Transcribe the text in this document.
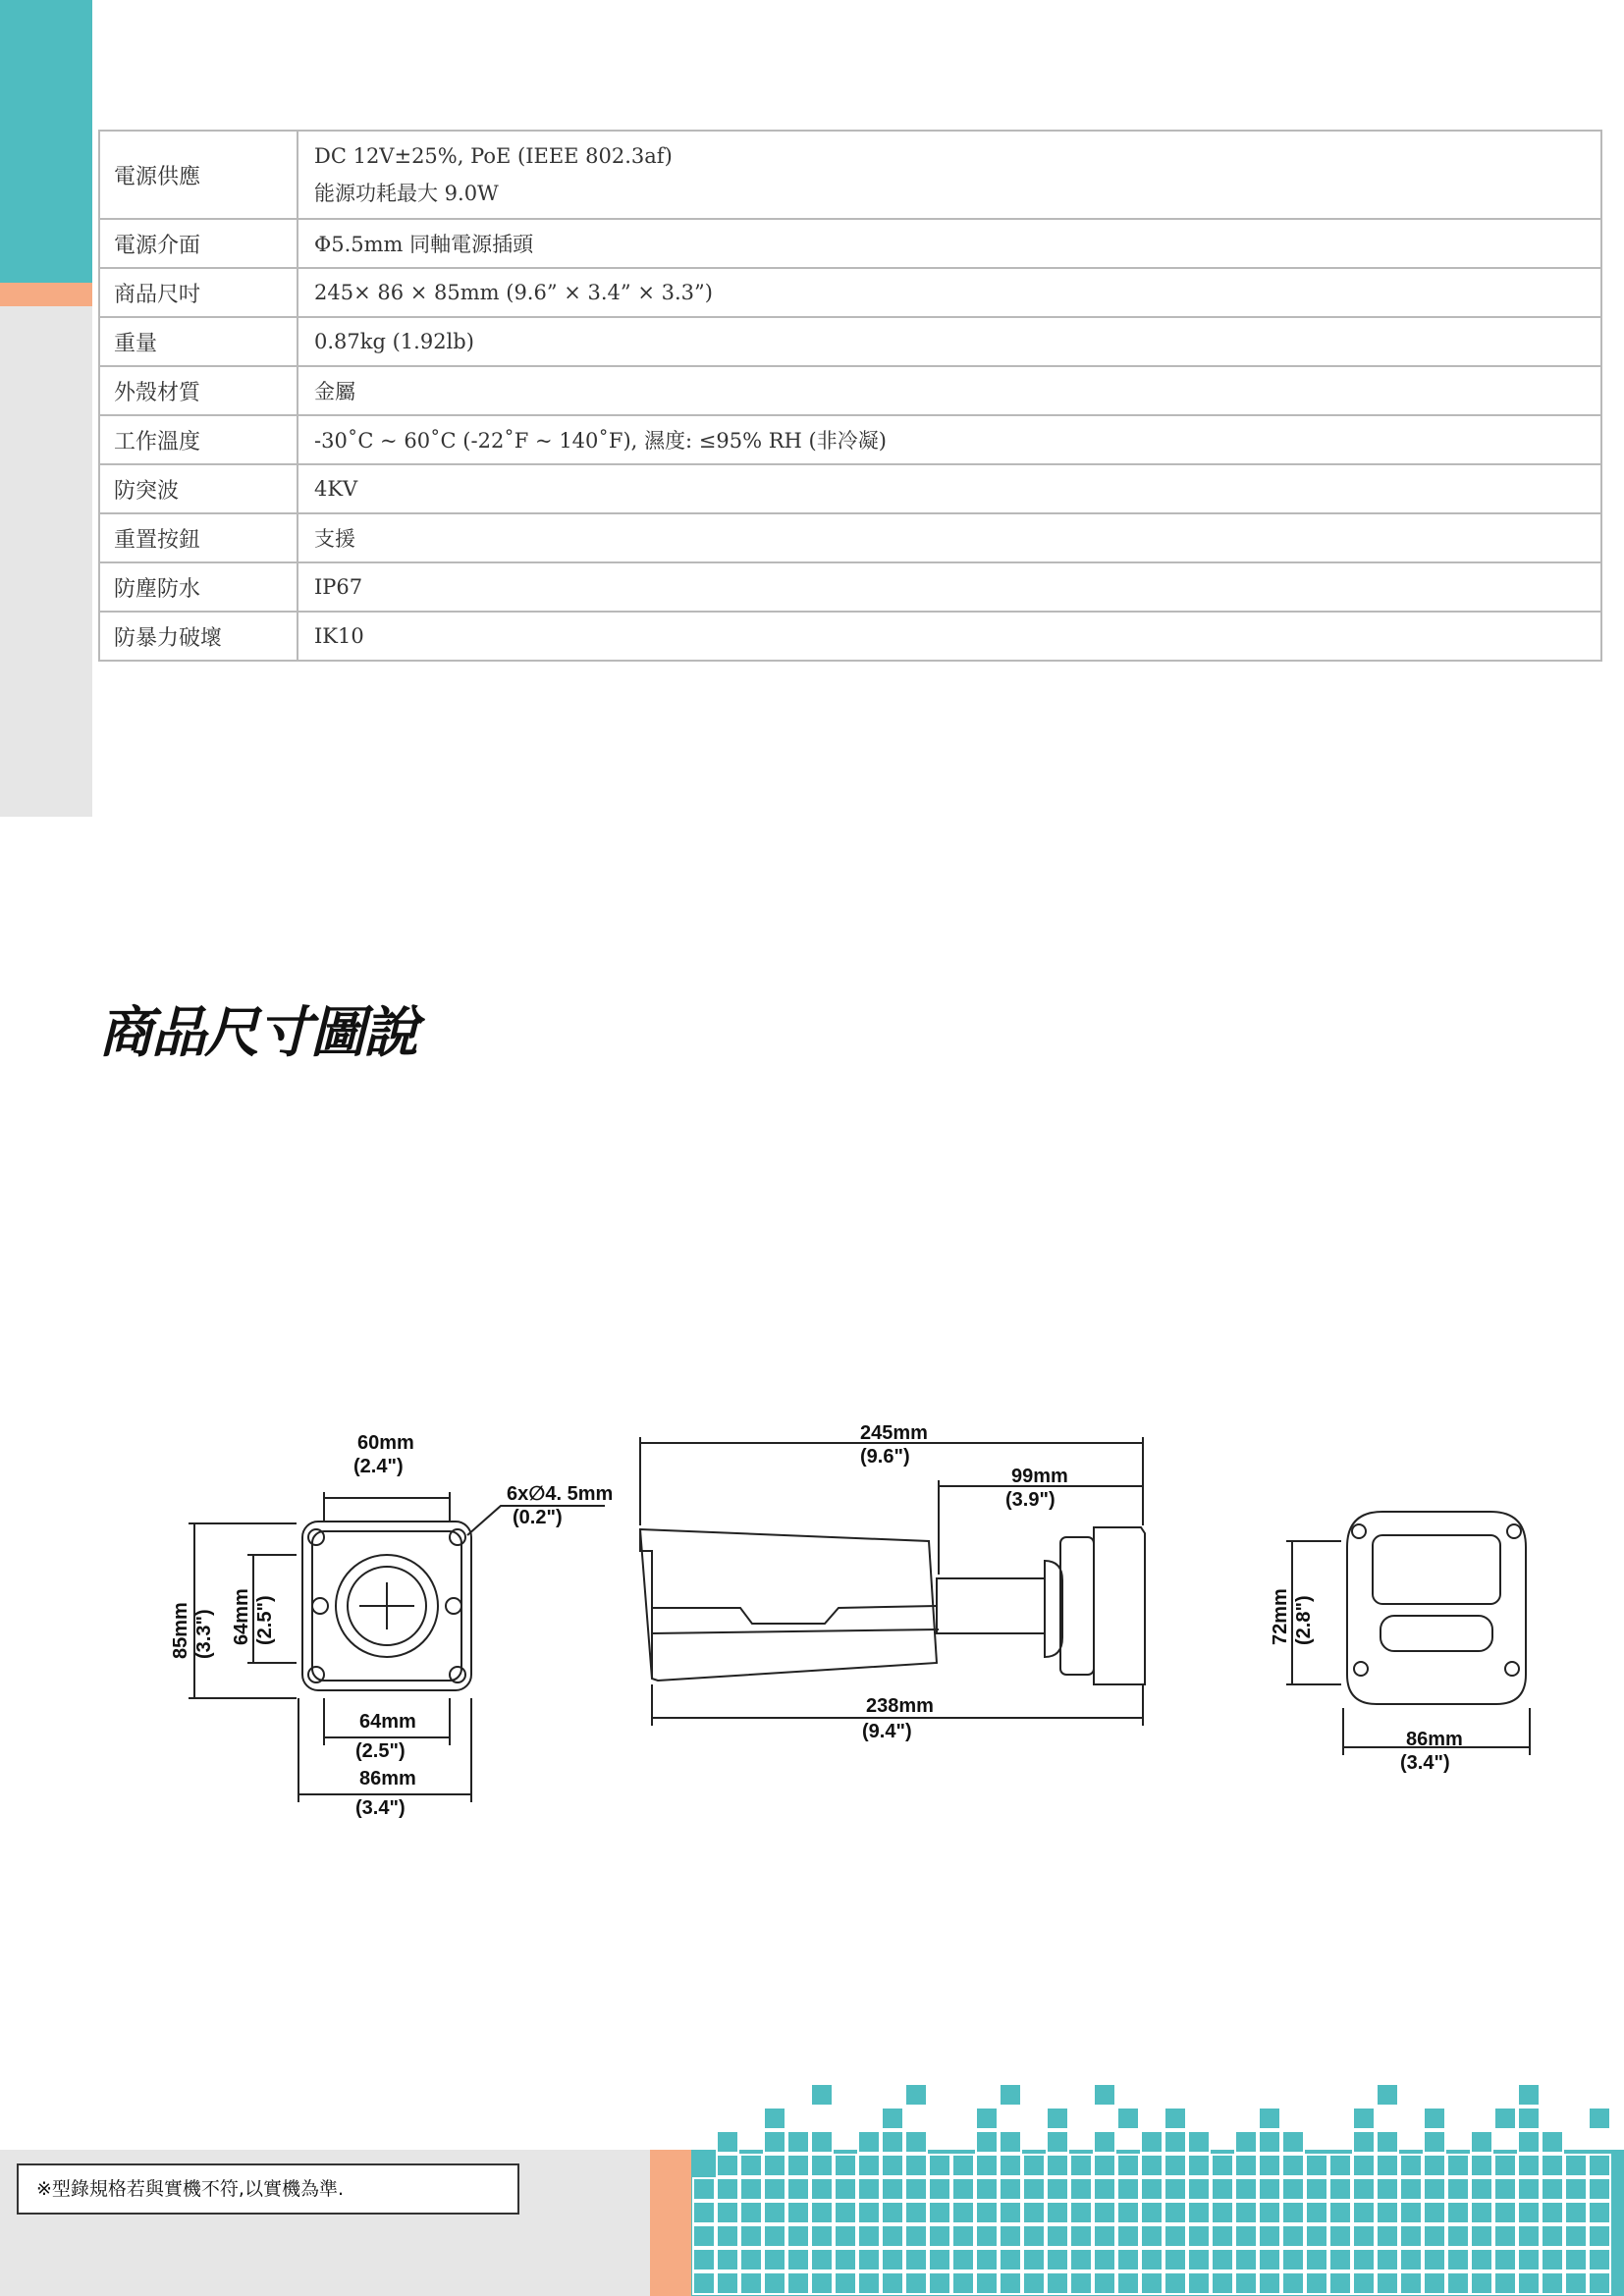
電源供應	DC 12V±25%, PoE (IEEE 802.3af)
能源功耗最大 9.0W

電源介面	Φ5.5mm 同軸電源插頭
商品尺吋	245× 86 × 85mm (9.6” × 3.4” × 3.3”)
重量	0.87kg (1.92lb)
外殼材質	金屬
工作溫度	-30˚C ~ 60˚C (-22˚F ~ 140˚F), 濕度: ≤95% RH (非冷凝)
防突波	4KV
重置按鈕	支援
防塵防水	IP67
防暴力破壞	IK10
商品尺寸圖說
60mm
(2.4")
6x∅4. 5mm
(0.2")
85mm (3.3") 64mm (2.5")
64mm
(2.5")
86mm
(3.4")
245mm
(9.6")
99mm
(3.9")
238mm
(9.4")
72mm (2.8")
86mm
(3.4")
※型錄規格若與實機不符,以實機為準.
